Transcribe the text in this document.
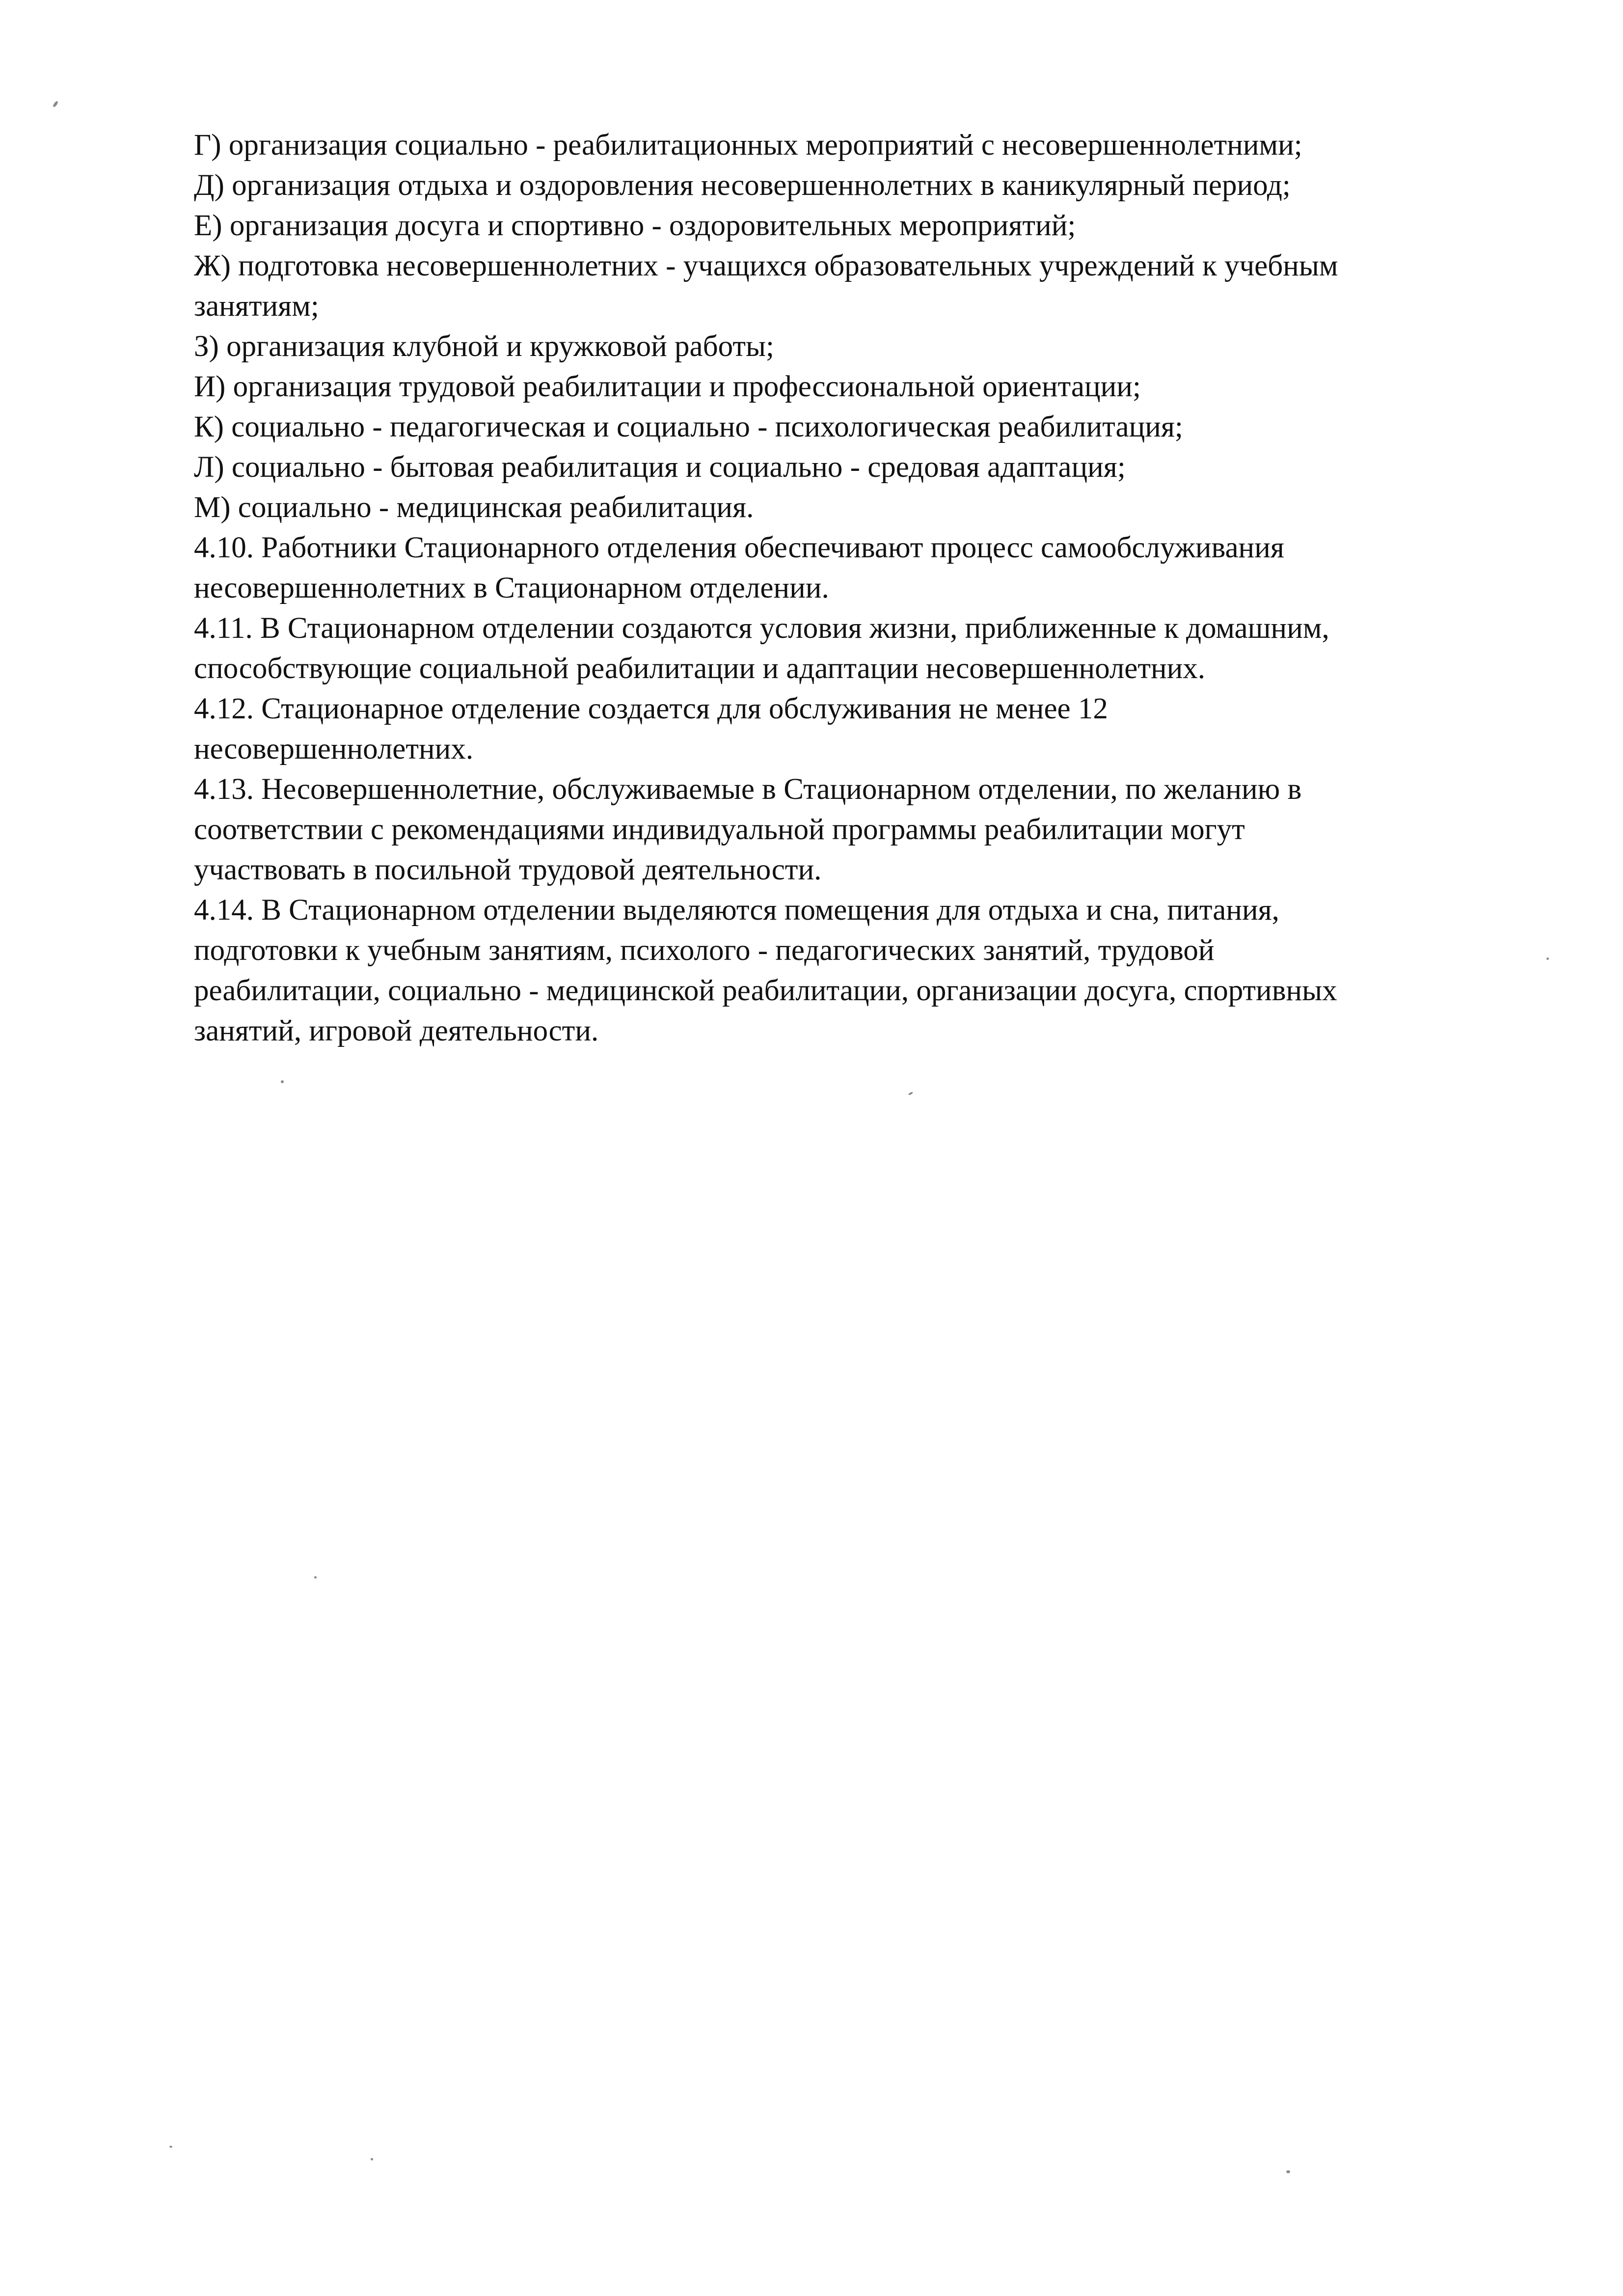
Г) организация социально - реабилитационных мероприятий с несовершеннолетними;

Д) организация отдыха и оздоровления несовершеннолетних в каникулярный период;

Е) организация досуга и спортивно - оздоровительных мероприятий;

Ж) подготовка несовершеннолетних - учащихся образовательных учреждений к учебным

занятиям;

З) организация клубной и кружковой работы;

И) организация трудовой реабилитации и профессиональной ориентации;

К) социально - педагогическая и социально - психологическая реабилитация;

Л) социально - бытовая реабилитация и социально - средовая адаптация;

М) социально - медицинская реабилитация.

4.10. Работники Стационарного отделения обеспечивают процесс самообслуживания

несовершеннолетних в Стационарном отделении.

4.11. В Стационарном отделении создаются условия жизни, приближенные к домашним,

способствующие социальной реабилитации и адаптации несовершеннолетних.

4.12. Стационарное отделение создается для обслуживания не менее 12

несовершеннолетних.

4.13. Несовершеннолетние, обслуживаемые в Стационарном отделении, по желанию в

соответствии с рекомендациями индивидуальной программы реабилитации могут

участвовать в посильной трудовой деятельности.

4.14. В Стационарном отделении выделяются помещения для отдыха и сна, питания,

подготовки к учебным занятиям, психолого - педагогических занятий, трудовой

реабилитации, социально - медицинской реабилитации, организации досуга, спортивных

занятий, игровой деятельности.
